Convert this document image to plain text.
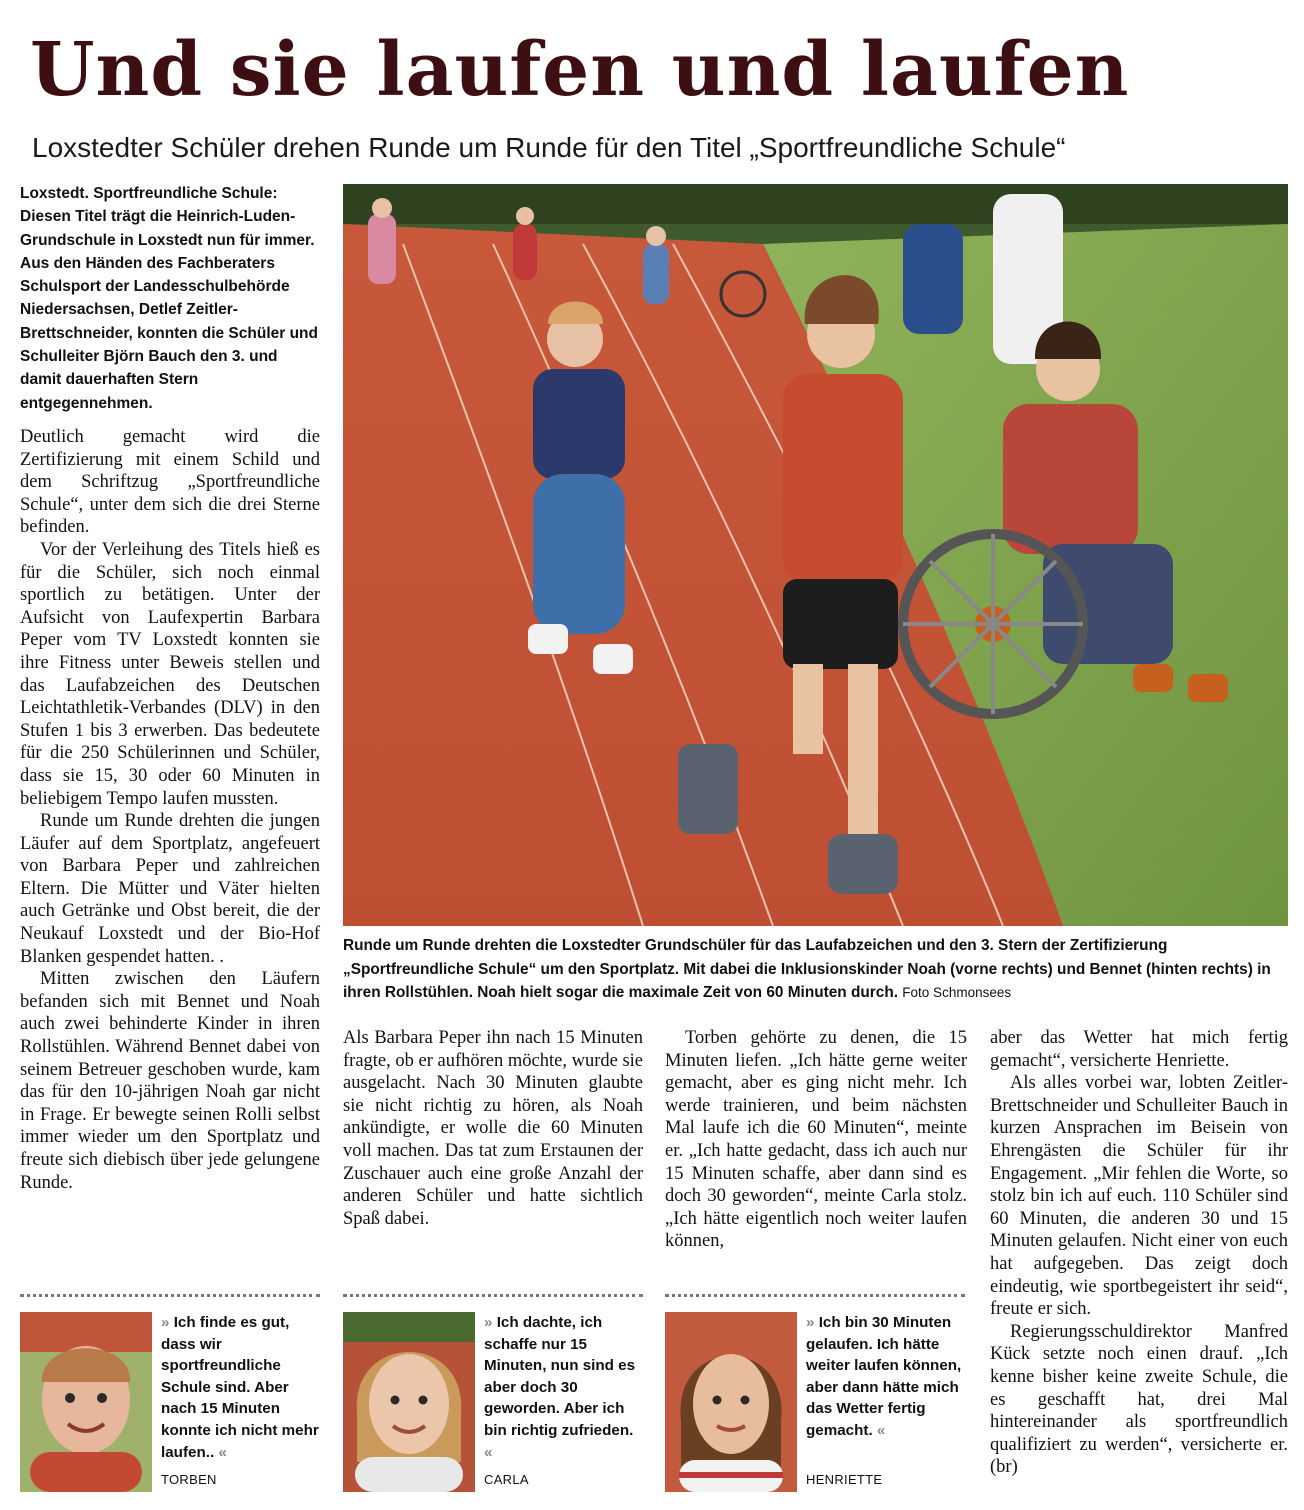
Und sie laufen und laufen
Loxstedter Schüler drehen Runde um Runde für den Titel „Sportfreundliche Schule“

Loxstedt. Sportfreundliche Schule: Diesen Titel trägt die Heinrich-Luden-Grundschule in Loxstedt nun für immer. Aus den Händen des Fachberaters Schulsport der Landesschulbehörde Niedersachsen, Detlef Zeitler-Brettschneider, konnten die Schüler und Schulleiter Björn Bauch den 3. und damit dauerhaften Stern entgegennehmen.

Deutlich gemacht wird die Zertifizierung mit einem Schild und dem Schriftzug „Sportfreundliche Schule“, unter dem sich die drei Sterne befinden.

Vor der Verleihung des Titels hieß es für die Schüler, sich noch einmal sportlich zu betätigen. Unter der Aufsicht von Laufexpertin Barbara Peper vom TV Loxstedt konnten sie ihre Fitness unter Beweis stellen und das Laufabzeichen des Deutschen Leichtathletik-Verbandes (DLV) in den Stufen 1 bis 3 erwerben. Das bedeutete für die 250 Schülerinnen und Schüler, dass sie 15, 30 oder 60 Minuten in beliebigem Tempo laufen mussten.

Runde um Runde drehten die jungen Läufer auf dem Sportplatz, angefeuert von Barbara Peper und zahlreichen Eltern. Die Mütter und Väter hielten auch Getränke und Obst bereit, die der Neukauf Loxstedt und der Bio-Hof Blanken gespendet hatten. .

Mitten zwischen den Läufern befanden sich mit Bennet und Noah auch zwei behinderte Kinder in ihren Rollstühlen. Während Bennet dabei von seinem Betreuer geschoben wurde, kam das für den 10-jährigen Noah gar nicht in Frage. Er bewegte seinen Rolli selbst immer wieder um den Sportplatz und freute sich diebisch über jede gelungene Runde.

Runde um Runde drehten die Loxstedter Grundschüler für das Laufabzeichen und den 3. Stern der Zertifizierung „Sportfreundliche Schule“ um den Sportplatz. Mit dabei die Inklusionskinder Noah (vorne rechts) und Bennet (hinten rechts) in ihren Rollstühlen. Noah hielt sogar die maximale Zeit von 60 Minuten durch. Foto Schmonsees

Als Barbara Peper ihn nach 15 Minuten fragte, ob er aufhören möchte, wurde sie ausgelacht. Nach 30 Minuten glaubte sie nicht richtig zu hören, als Noah ankündigte, er wolle die 60 Minuten voll machen. Das tat zum Erstaunen der Zuschauer auch eine große Anzahl der anderen Schüler und hatte sichtlich Spaß dabei.

Torben gehörte zu denen, die 15 Minuten liefen. „Ich hätte gerne weiter gemacht, aber es ging nicht mehr. Ich werde trainieren, und beim nächsten Mal laufe ich die 60 Minuten“, meinte er. „Ich hatte gedacht, dass ich auch nur 15 Minuten schaffe, aber dann sind es doch 30 geworden“, meinte Carla stolz. „Ich hätte eigentlich noch weiter laufen können,

aber das Wetter hat mich fertig gemacht“, versicherte Henriette.

Als alles vorbei war, lobten Zeitler-Brettschneider und Schulleiter Bauch in kurzen Ansprachen im Beisein von Ehrengästen die Schüler für ihr Engagement. „Mir fehlen die Worte, so stolz bin ich auf euch. 110 Schüler sind 60 Minuten, die anderen 30 und 15 Minuten gelaufen. Nicht einer von euch hat aufgegeben. Das zeigt doch eindeutig, wie sportbegeistert ihr seid“, freute er sich.

Regierungsschuldirektor Manfred Kück setzte noch einen drauf. „Ich kenne bisher keine zweite Schule, die es geschafft hat, drei Mal hintereinander als sportfreundlich qualifiziert zu werden“, versicherte er. (br)

» Ich finde es gut, dass wir sportfreundliche Schule sind. Aber nach 15 Minuten konnte ich nicht mehr laufen.. «

TORBEN

» Ich dachte, ich schaffe nur 15 Minuten, nun sind es aber doch 30 geworden. Aber ich bin richtig zufrieden. «

CARLA

» Ich bin 30 Minuten gelaufen. Ich hätte weiter laufen können, aber dann hätte mich das Wetter fertig gemacht. «

HENRIETTE
